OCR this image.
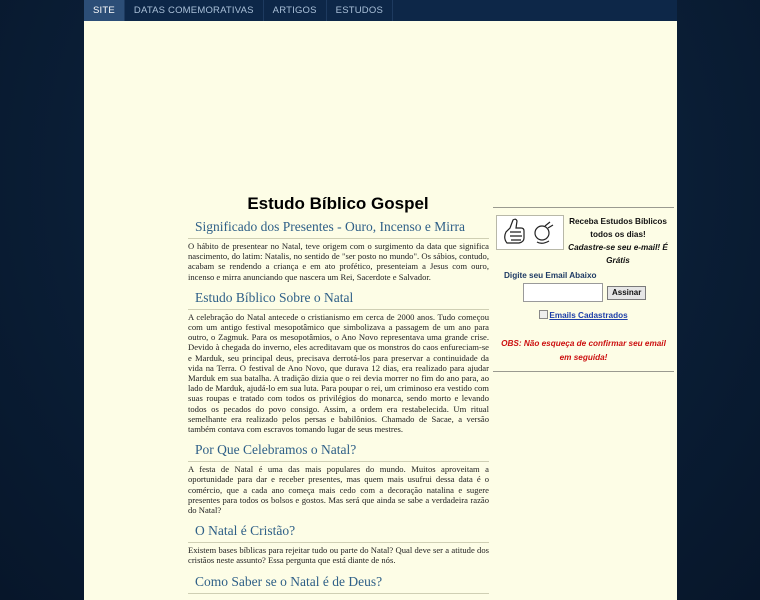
SITE	DATAS COMEMORATIVAS	ARTIGOS	ESTUDOS
Estudo Bíblico Gospel
Significado dos Presentes - Ouro, Incenso e Mirra

O hábito de presentear no Natal, teve origem com o surgimento da data que significa nascimento, do latim: Natalis, no sentido de "ser posto no mundo". Os sábios, contudo, acabam se rendendo a criança e em ato profético, presenteiam a Jesus com ouro, incenso e mirra anunciando que nascera um Rei, Sacerdote e Salvador.

Estudo Bíblico Sobre o Natal

A celebração do Natal antecede o cristianismo em cerca de 2000 anos. Tudo começou com um antigo festival mesopotâmico que simbolizava a passagem de um ano para outro, o Zagmuk. Para os mesopotâmios, o Ano Novo representava uma grande crise. Devido à chegada do inverno, eles acreditavam que os monstros do caos enfureciam-se e Marduk, seu principal deus, precisava derrotá-los para preservar a continuidade da vida na Terra. O festival de Ano Novo, que durava 12 dias, era realizado para ajudar Marduk em sua batalha. A tradição dizia que o rei devia morrer no fim do ano para, ao lado de Marduk, ajudá-lo em sua luta. Para poupar o rei, um criminoso era vestido com suas roupas e tratado com todos os privilégios do monarca, sendo morto e levando todos os pecados do povo consigo. Assim, a ordem era restabelecida. Um ritual semelhante era realizado pelos persas e babilônios. Chamado de Sacae, a versão também contava com escravos tomando lugar de seus mestres.

Por Que Celebramos o Natal?

A festa de Natal é uma das mais populares do mundo. Muitos aproveitam a oportunidade para dar e receber presentes, mas quem mais usufrui dessa data é o comércio, que a cada ano começa mais cedo com a decoração natalina e sugere presentes para todos os bolsos e gostos. Mas será que ainda se sabe a verdadeira razão do Natal?

O Natal é Cristão?

Existem bases bíblicas para rejeitar tudo ou parte do Natal? Qual deve ser a atitude dos cristãos neste assunto? Essa pergunta que está diante de nós.

Como Saber se o Natal é de Deus?

Receba Estudos Bíblicos todos os dias!
Cadastre-se seu e-mail! É Grátis
Digite seu Email Abaixo
Assinar
Emails Cadastrados
OBS: Não esqueça de confirmar seu email em seguida!
